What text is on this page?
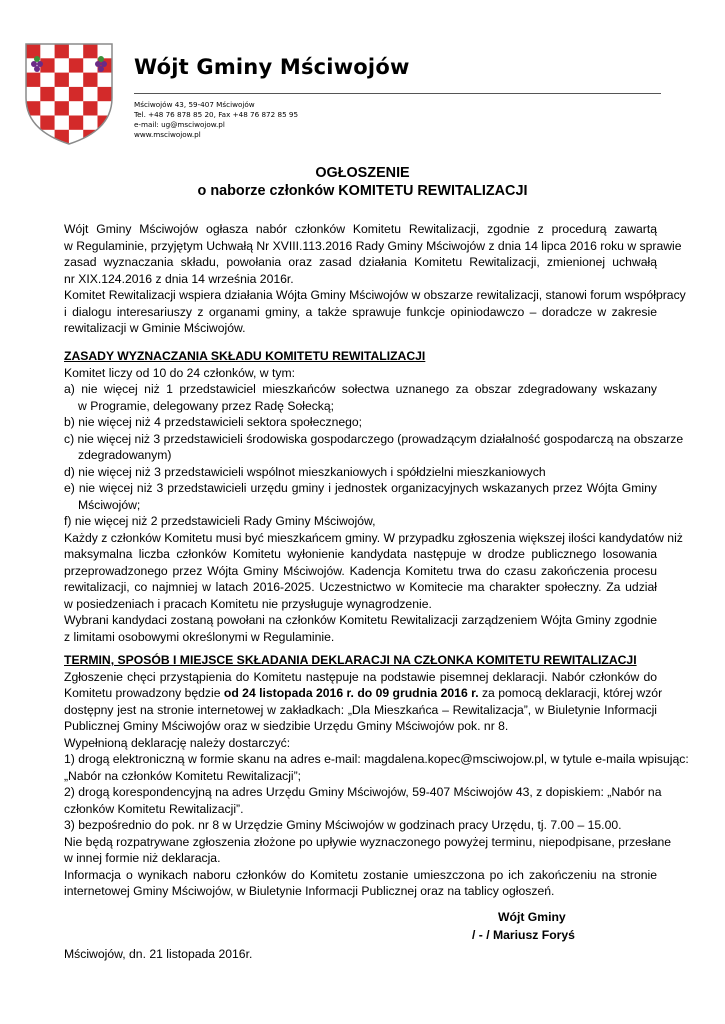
Wójt Gminy Mściwojów
Mściwojów 43, 59-407 Mściwojów
Tel. +48 76 878 85 20, Fax +48 76 872 85 95
e-mail: ug@msciwojow.pl
www.msciwojow.pl
OGŁOSZENIE
o naborze członków KOMITETU REWITALIZACJI
Wójt Gminy Mściwojów ogłasza nabór członków Komitetu Rewitalizacji, zgodnie z procedurą zawartą
w Regulaminie, przyjętym Uchwałą Nr XVIII.113.2016 Rady Gminy Mściwojów z dnia 14 lipca 2016 roku w sprawie
zasad wyznaczania składu, powołania oraz zasad działania Komitetu Rewitalizacji, zmienionej uchwałą
nr XIX.124.2016 z dnia 14 września 2016r.
Komitet Rewitalizacji wspiera działania Wójta Gminy Mściwojów w obszarze rewitalizacji, stanowi forum współpracy
i dialogu interesariuszy z organami gminy, a także sprawuje funkcje opiniodawczo – doradcze w zakresie
rewitalizacji w Gminie Mściwojów.
ZASADY WYZNACZANIA SKŁADU KOMITETU REWITALIZACJI
Komitet liczy od 10 do 24 członków, w tym:
a) nie więcej niż 1 przedstawiciel mieszkańców sołectwa uznanego za obszar zdegradowany wskazany
w Programie, delegowany przez Radę Sołecką;
b) nie więcej niż 4 przedstawicieli sektora społecznego;
c) nie więcej niż 3 przedstawicieli środowiska gospodarczego (prowadzącym działalność gospodarczą na obszarze
zdegradowanym)
d) nie więcej niż 3 przedstawicieli wspólnot mieszkaniowych i spółdzielni mieszkaniowych
e) nie więcej niż 3 przedstawicieli urzędu gminy i jednostek organizacyjnych wskazanych przez Wójta Gminy
Mściwojów;
f) nie więcej niż 2 przedstawicieli Rady Gminy Mściwojów,
Każdy z członków Komitetu musi być mieszkańcem gminy. W przypadku zgłoszenia większej ilości kandydatów niż
maksymalna liczba członków Komitetu wyłonienie kandydata następuje w drodze publicznego losowania
przeprowadzonego przez Wójta Gminy Mściwojów. Kadencja Komitetu trwa do czasu zakończenia procesu
rewitalizacji, co najmniej w latach 2016-2025. Uczestnictwo w Komitecie ma charakter społeczny. Za udział
w posiedzeniach i pracach Komitetu nie przysługuje wynagrodzenie.
Wybrani kandydaci zostaną powołani na członków Komitetu Rewitalizacji zarządzeniem Wójta Gminy zgodnie
z limitami osobowymi określonymi w Regulaminie.
TERMIN, SPOSÓB I MIEJSCE SKŁADANIA DEKLARACJI NA CZŁONKA KOMITETU REWITALIZACJI
Zgłoszenie chęci przystąpienia do Komitetu następuje na podstawie pisemnej deklaracji. Nabór członków do
Komitetu prowadzony będzie od 24 listopada 2016 r. do 09 grudnia 2016 r. za pomocą deklaracji, której wzór
dostępny jest na stronie internetowej w zakładkach: „Dla Mieszkańca – Rewitalizacja”, w Biuletynie Informacji
Publicznej Gminy Mściwojów oraz w siedzibie Urzędu Gminy Mściwojów pok. nr 8.
Wypełnioną deklarację należy dostarczyć:
1) drogą elektroniczną w formie skanu na adres e-mail: magdalena.kopec@msciwojow.pl, w tytule e-maila wpisując:
„Nabór na członków Komitetu Rewitalizacji”;
2) drogą korespondencyjną na adres Urzędu Gminy Mściwojów, 59-407 Mściwojów 43, z dopiskiem: „Nabór na
członków Komitetu Rewitalizacji”.
3) bezpośrednio do pok. nr 8 w Urzędzie Gminy Mściwojów w godzinach pracy Urzędu, tj. 7.00 – 15.00.
Nie będą rozpatrywane zgłoszenia złożone po upływie wyznaczonego powyżej terminu, niepodpisane, przesłane
w innej formie niż deklaracja.
Informacja o wynikach naboru członków do Komitetu zostanie umieszczona po ich zakończeniu na stronie
internetowej Gminy Mściwojów, w Biuletynie Informacji Publicznej oraz na tablicy ogłoszeń.
Wójt Gminy
/ - / Mariusz Foryś
Mściwojów, dn. 21 listopada 2016r.
